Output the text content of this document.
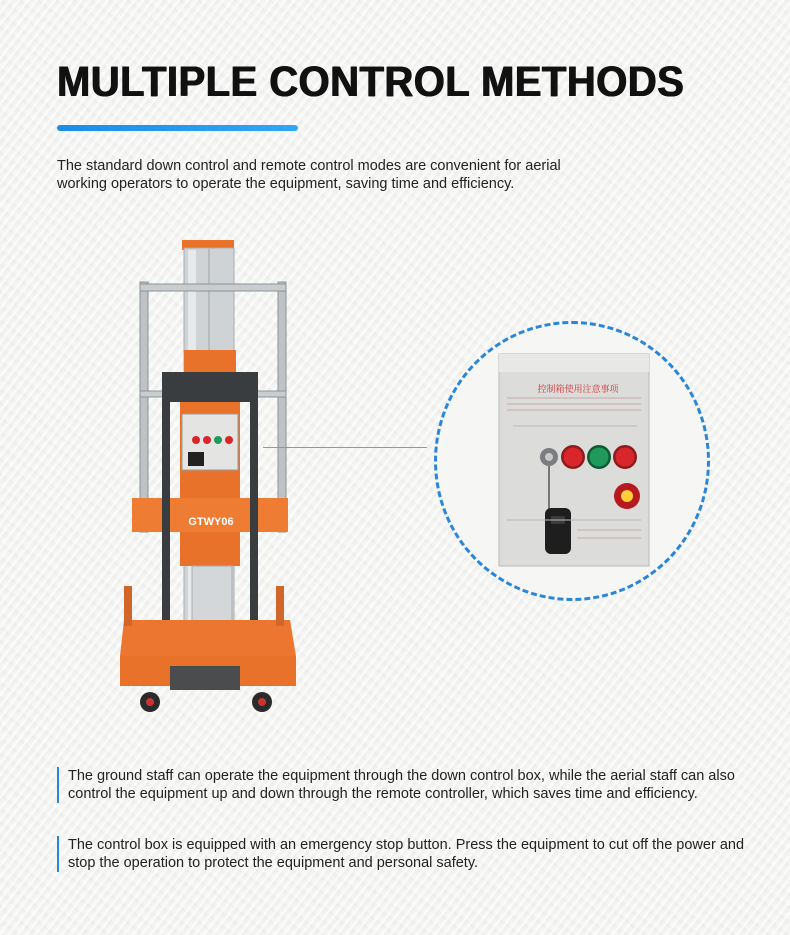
MULTIPLE CONTROL METHODS
The standard down control and remote control modes are convenient for aerial working operators to operate the equipment, saving time and efficiency.
GTWY06
控制箱使用注意事项
The ground staff can operate the equipment through the down control box, while the aerial staff can also control the equipment up and down through the remote controller, which saves time and efficiency.
The control box is equipped with an emergency stop button. Press the equipment to cut off the power and stop the operation to protect the equipment and personal safety.
